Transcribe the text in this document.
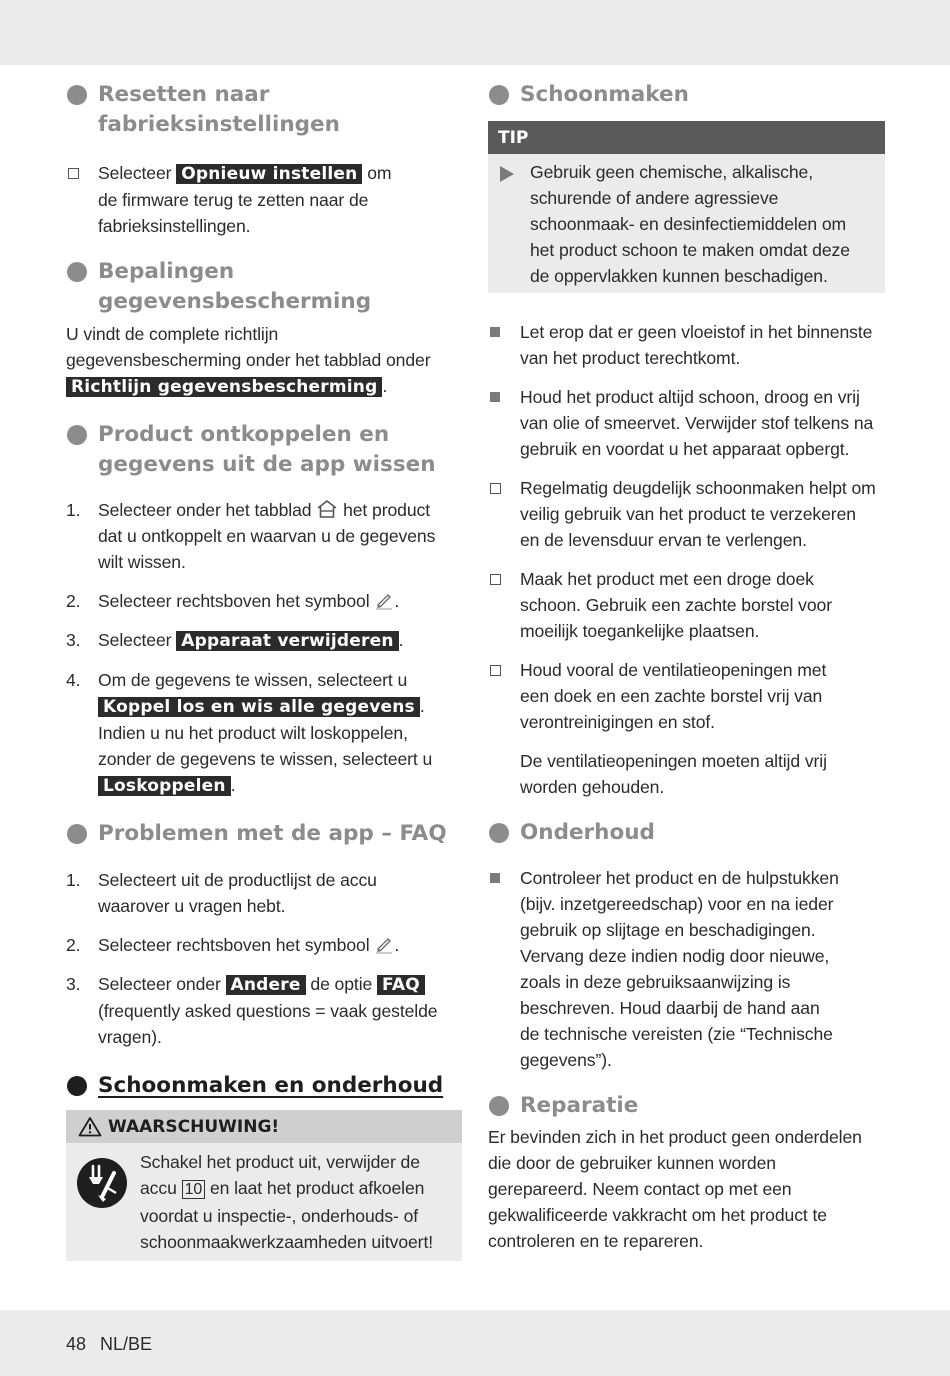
Resetten naar
fabrieksinstellingen
Selecteer Opnieuw instellen om
de firmware terug te zetten naar de
fabrieksinstellingen.
Bepalingen
gegevensbescherming
U vindt de complete richtlijn
gegevensbescherming onder het tabblad onder
Richtlijn gegevensbescherming .
Product ontkoppelen en
gegevens uit de app wissen
1. Selecteer onder het tabblad het product
dat u ontkoppelt en waarvan u de gegevens
wilt wissen.
2. Selecteer rechtsboven het symbool .
3. Selecteer Apparaat verwijderen .
4. Om de gegevens te wissen, selecteert u
Koppel los en wis alle gegevens .
Indien u nu het product wilt loskoppelen,
zonder de gegevens te wissen, selecteert u
Loskoppelen .
Problemen met de app – FAQ
1. Selecteert uit de productlijst de accu
waarover u vragen hebt.
2. Selecteer rechtsboven het symbool .
3. Selecteer onder Andere de optie FAQ
(frequently asked questions = vaak gestelde
vragen).
Schoonmaken en onderhoud
WAARSCHUWING!
Schakel het product uit, verwijder de
accu 10 en laat het product afkoelen
voordat u inspectie-, onderhouds- of
schoonmaakwerkzaamheden uitvoert!
Schoonmaken
TIP
Gebruik geen chemische, alkalische,
schurende of andere agressieve
schoonmaak- en desinfectiemiddelen om
het product schoon te maken omdat deze
de oppervlakken kunnen beschadigen.
Let erop dat er geen vloeistof in het binnenste
van het product terechtkomt.
Houd het product altijd schoon, droog en vrij
van olie of smeervet. Verwijder stof telkens na
gebruik en voordat u het apparaat opbergt.
Regelmatig deugdelijk schoonmaken helpt om
veilig gebruik van het product te verzekeren
en de levensduur ervan te verlengen.
Maak het product met een droge doek
schoon. Gebruik een zachte borstel voor
moeilijk toegankelijke plaatsen.
Houd vooral de ventilatieopeningen met
een doek en een zachte borstel vrij van
verontreinigingen en stof.
De ventilatieopeningen moeten altijd vrij
worden gehouden.
Onderhoud
Controleer het product en de hulpstukken
(bijv. inzetgereedschap) voor en na ieder
gebruik op slijtage en beschadigingen.
Vervang deze indien nodig door nieuwe,
zoals in deze gebruiksaanwijzing is
beschreven. Houd daarbij de hand aan
de technische vereisten (zie “Technische
gegevens”).
Reparatie
Er bevinden zich in het product geen onderdelen
die door de gebruiker kunnen worden
gerepareerd. Neem contact op met een
gekwalificeerde vakkracht om het product te
controleren en te repareren.
48 NL/BE
